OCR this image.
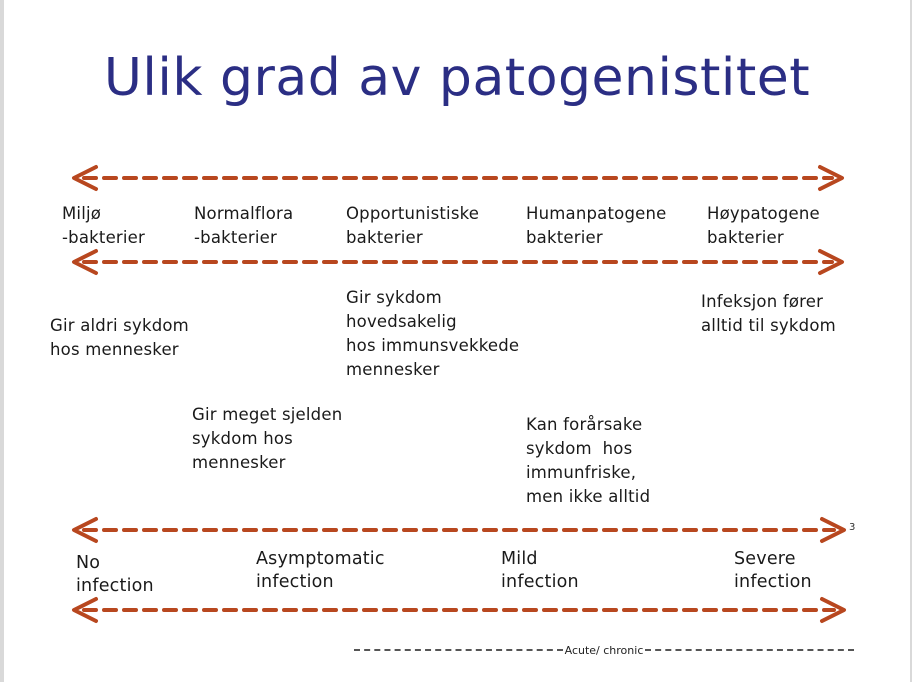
Ulik grad av patogenistitet
Miljø
-bakterier
Normalflora
-bakterier
Opportunistiske
bakterier
Humanpatogene
bakterier
Høypatogene
bakterier
Gir aldri sykdom
hos mennesker
Gir meget sjelden
sykdom hos
mennesker
Gir sykdom
hovedsakelig
hos immunsvekkede
mennesker
Kan forårsake
sykdom  hos
immunfriske,
men ikke alltid
Infeksjon fører
alltid til sykdom
3
No
infection
Asymptomatic
infection
Mild
infection
Severe
infection
Acute/ chronic
